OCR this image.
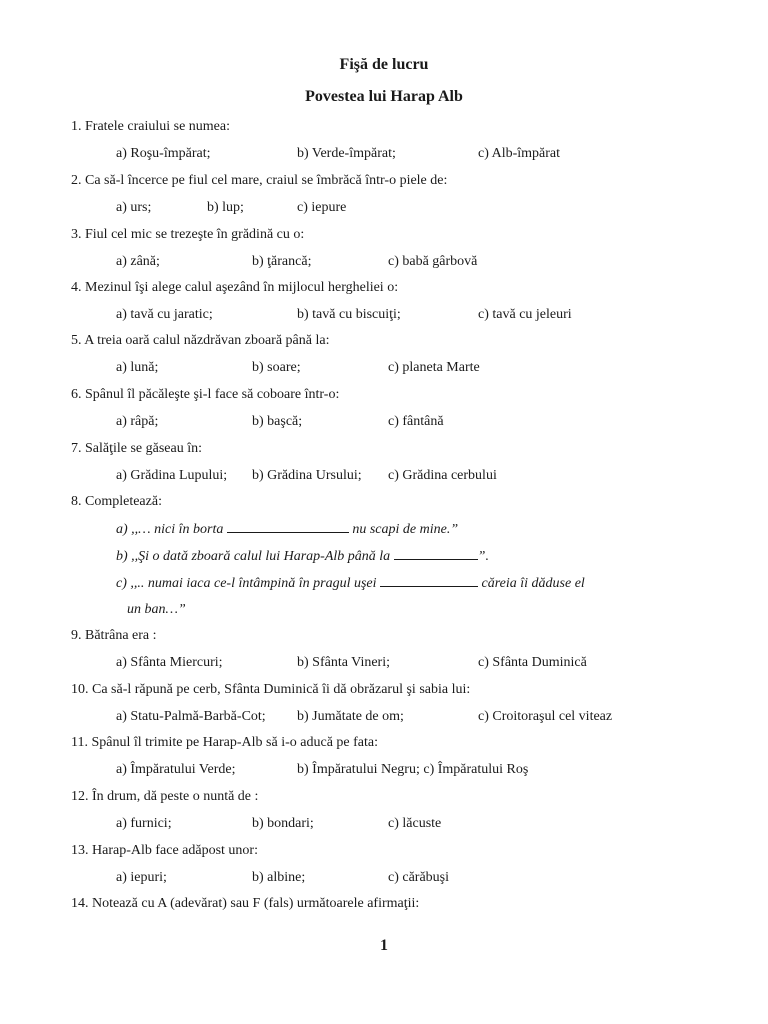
Fişă de lucru
Povestea lui Harap Alb
1. Fratele craiului se numea:
a) Roşu-împărat;	b) Verde-împărat;	c) Alb-împărat
2. Ca să-l încerce pe fiul cel mare, craiul se îmbrăcă într-o piele de:
a) urs;	b) lup;	c) iepure
3. Fiul cel mic se trezeşte în grădină cu o:
a) zână;	b) ţărancă;	c) babă gârbovă
4. Mezinul îşi alege calul aşezând în mijlocul hergheliei o:
a) tavă cu jaratic;	b) tavă cu biscuiţi;	c) tavă cu jeleuri
5. A treia oară calul năzdrăvan zboară până la:
a) lună;	b) soare;	c) planeta Marte
6. Spânul îl păcăleşte şi-l face să coboare într-o:
a) râpă;	b) başcă;	c) fântână
7. Salăţile se găseau în:
a) Grădina Lupului; b) Grădina Ursului; c) Grădina cerbului
8. Completează:
a) ,,… nici în borta	nu scapi de mine.”
b) ,,Şi o dată zboară calul lui Harap-Alb până la	”.
c) ,,.. numai iaca ce-l întâmpină în pragul uşei	căreia îi dăduse el
un ban…”
9. Bătrâna era :
a) Sfânta Miercuri;	b) Sfânta Vineri;	c) Sfânta Duminică
10. Ca să-l răpună pe cerb, Sfânta Duminică îi dă obrăzarul şi sabia lui:
a) Statu-Palmă-Barbă-Cot; b) Jumătate de om;	c) Croitoraşul cel viteaz
11. Spânul îl trimite pe Harap-Alb să i-o aducă pe fata:
a) Împăratului Verde;	b) Împăratului Negru; c) Împăratului Roş
12. În drum, dă peste o nuntă de :
a) furnici;	b) bondari;	c) lăcuste
13. Harap-Alb face adăpost unor:
a) iepuri;	b) albine;	c) cărăbuşi
14. Notează cu A (adevărat) sau F (fals) următoarele afirmaţii:
1
